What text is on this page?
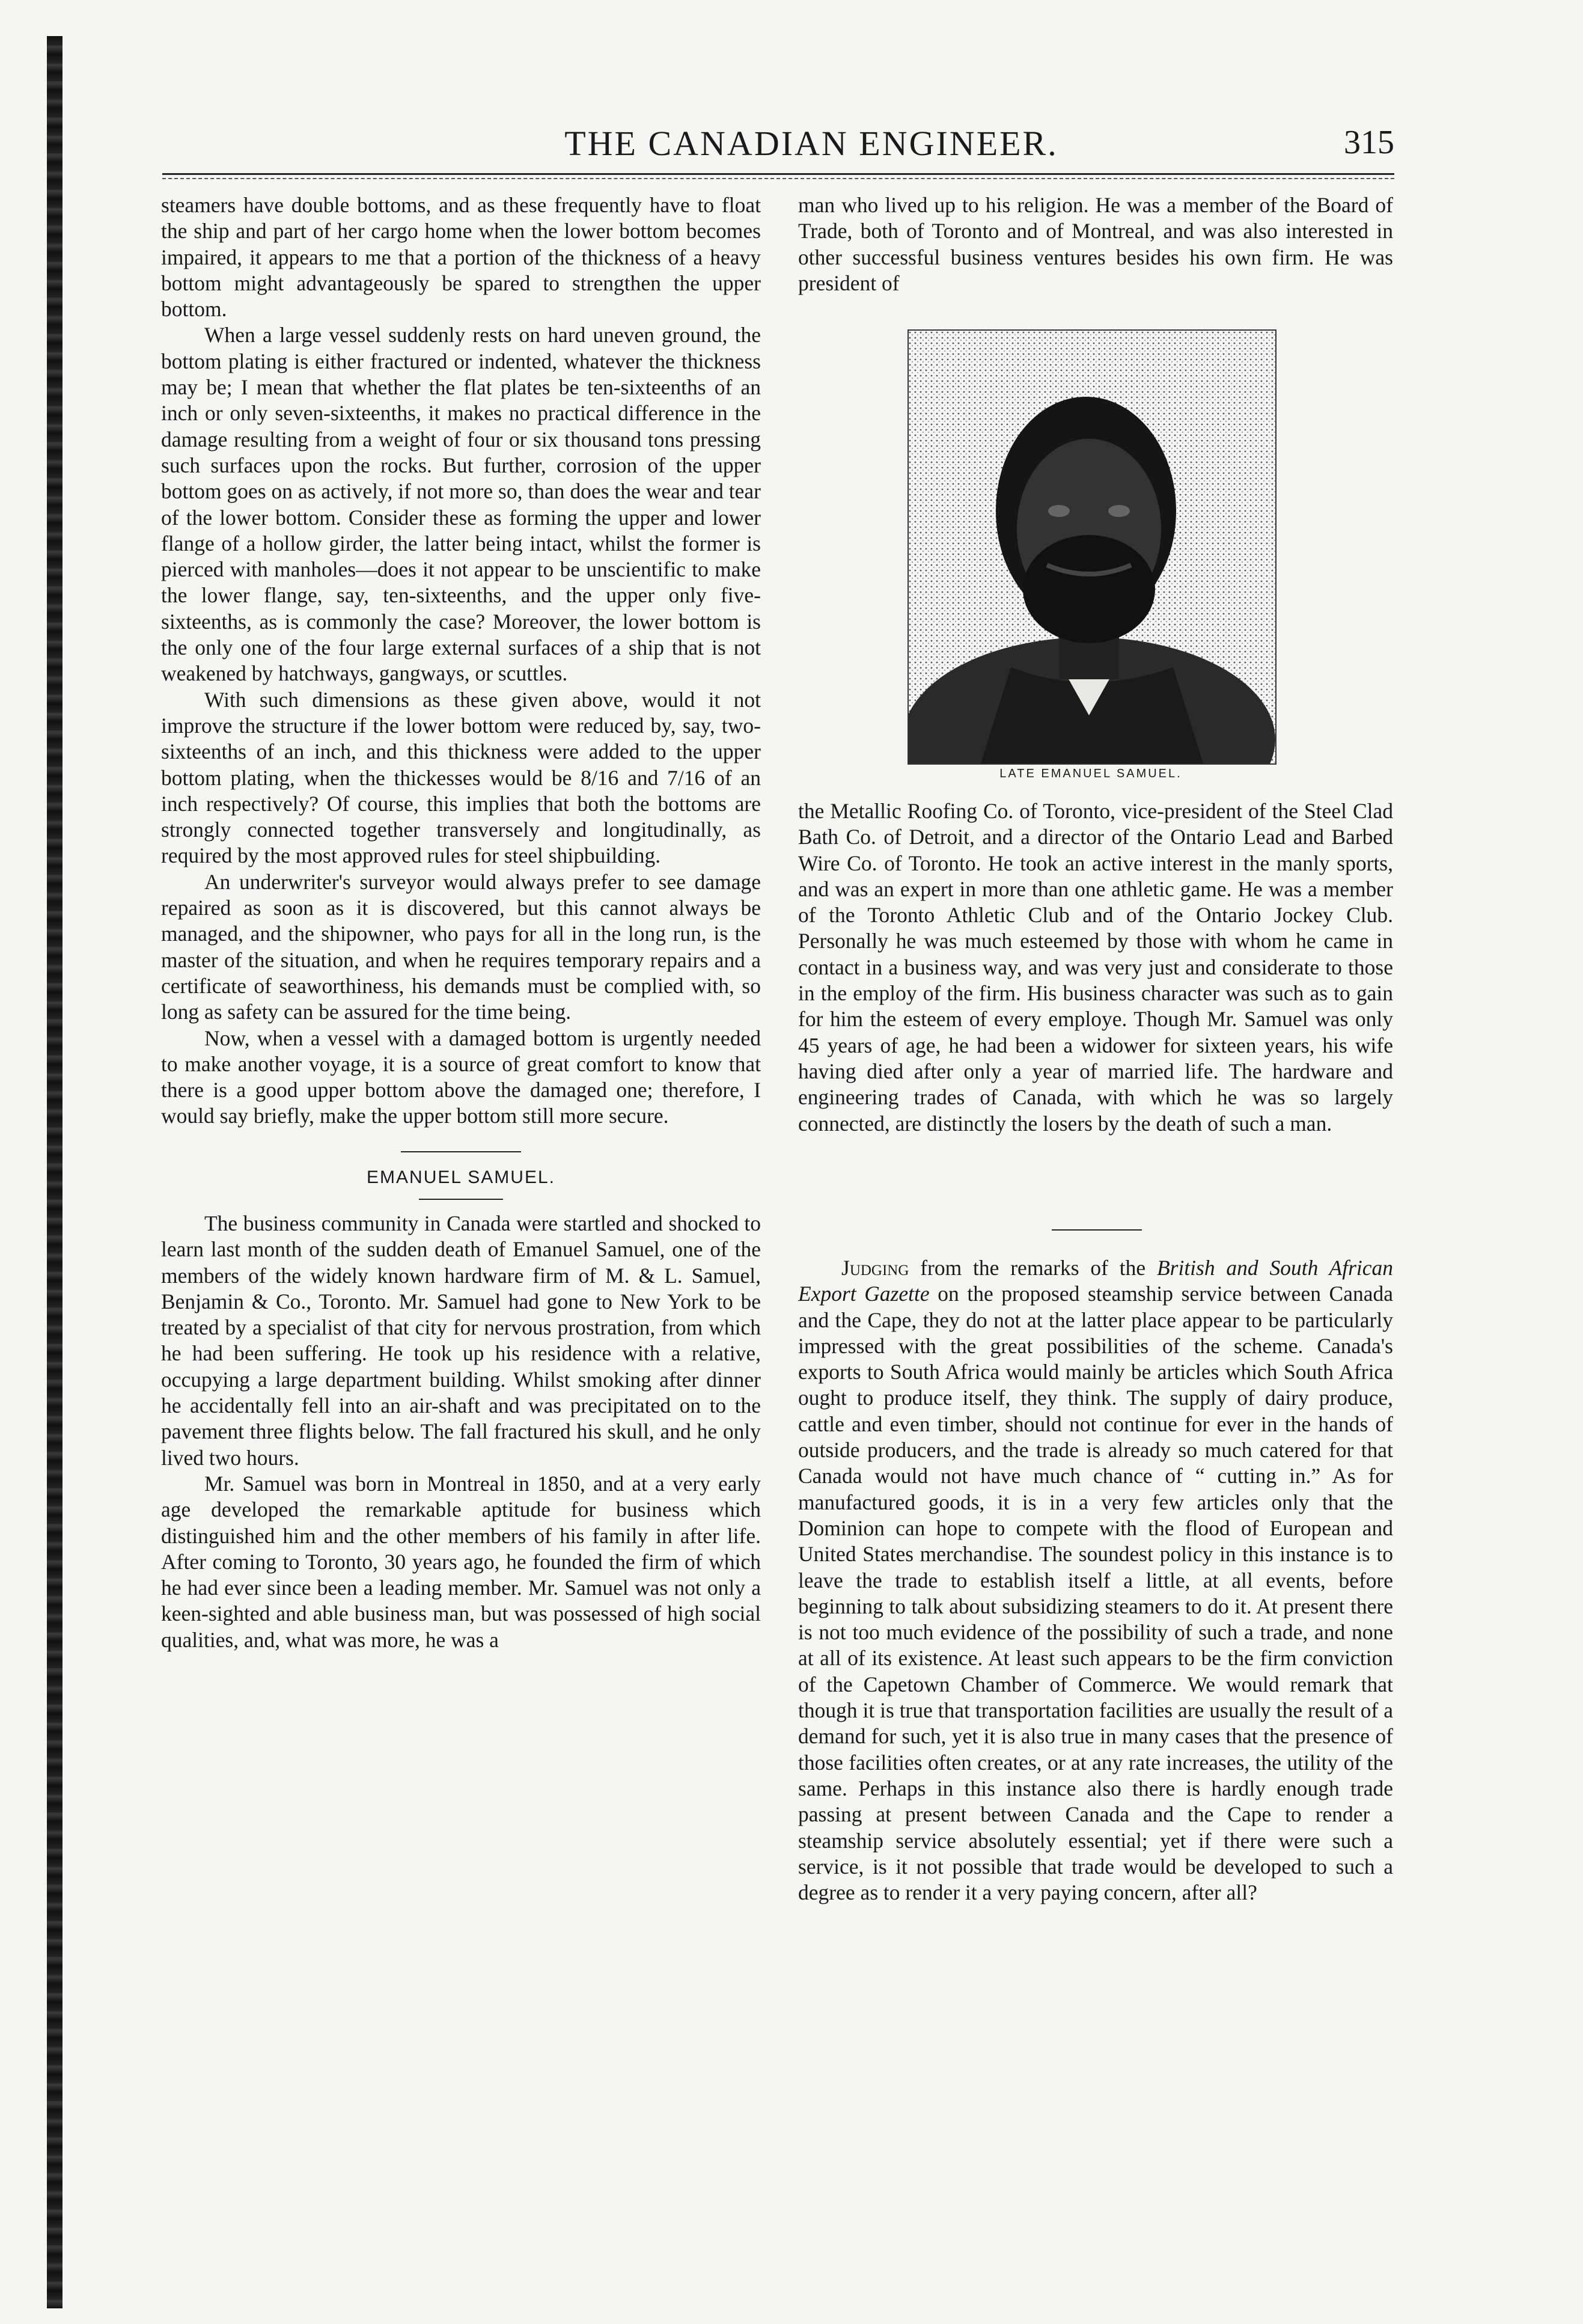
THE CANADIAN ENGINEER.	315

steamers have double bottoms, and as these frequently have to float the ship and part of her cargo home when the lower bottom becomes impaired, it appears to me that a portion of the thickness of a heavy bottom might advantageously be spared to strengthen the upper bottom.

When a large vessel suddenly rests on hard uneven ground, the bottom plating is either fractured or indented, whatever the thickness may be; I mean that whether the flat plates be ten-sixteenths of an inch or only seven-sixteenths, it makes no practical difference in the damage resulting from a weight of four or six thousand tons pressing such surfaces upon the rocks. But further, corrosion of the upper bottom goes on as actively, if not more so, than does the wear and tear of the lower bottom. Consider these as forming the upper and lower flange of a hollow girder, the latter being intact, whilst the former is pierced with manholes—does it not appear to be unscientific to make the lower flange, say, ten-sixteenths, and the upper only five-sixteenths, as is commonly the case? Moreover, the lower bottom is the only one of the four large external surfaces of a ship that is not weakened by hatchways, gangways, or scuttles.

With such dimensions as these given above, would it not improve the structure if the lower bottom were reduced by, say, two-sixteenths of an inch, and this thickness were added to the upper bottom plating, when the thickesses would be 8/16 and 7/16 of an inch respectively? Of course, this implies that both the bottoms are strongly connected together transversely and longitudinally, as required by the most approved rules for steel shipbuilding.

An underwriter's surveyor would always prefer to see damage repaired as soon as it is discovered, but this cannot always be managed, and the shipowner, who pays for all in the long run, is the master of the situation, and when he requires temporary repairs and a certificate of seaworthiness, his demands must be complied with, so long as safety can be assured for the time being.

Now, when a vessel with a damaged bottom is urgently needed to make another voyage, it is a source of great comfort to know that there is a good upper bottom above the damaged one; therefore, I would say briefly, make the upper bottom still more secure.

EMANUEL SAMUEL.

The business community in Canada were startled and shocked to learn last month of the sudden death of Emanuel Samuel, one of the members of the widely known hardware firm of M. & L. Samuel, Benjamin & Co., Toronto. Mr. Samuel had gone to New York to be treated by a specialist of that city for nervous prostration, from which he had been suffering. He took up his residence with a relative, occupying a large department building. Whilst smoking after dinner he accidentally fell into an air-shaft and was precipitated on to the pavement three flights below. The fall fractured his skull, and he only lived two hours.

Mr. Samuel was born in Montreal in 1850, and at a very early age developed the remarkable aptitude for business which distinguished him and the other members of his family in after life. After coming to Toronto, 30 years ago, he founded the firm of which he had ever since been a leading member. Mr. Samuel was not only a keen-sighted and able business man, but was possessed of high social qualities, and, what was more, he was a

man who lived up to his religion. He was a member of the Board of Trade, both of Toronto and of Montreal, and was also interested in other successful business ventures besides his own firm. He was president of

LATE EMANUEL SAMUEL.

the Metallic Roofing Co. of Toronto, vice-president of the Steel Clad Bath Co. of Detroit, and a director of the Ontario Lead and Barbed Wire Co. of Toronto. He took an active interest in the manly sports, and was an expert in more than one athletic game. He was a member of the Toronto Athletic Club and of the Ontario Jockey Club. Personally he was much esteemed by those with whom he came in contact in a business way, and was very just and considerate to those in the employ of the firm. His business character was such as to gain for him the esteem of every employe. Though Mr. Samuel was only 45 years of age, he had been a widower for sixteen years, his wife having died after only a year of married life. The hardware and engineering trades of Canada, with which he was so largely connected, are distinctly the losers by the death of such a man.

Judging from the remarks of the British and South African Export Gazette on the proposed steamship service between Canada and the Cape, they do not at the latter place appear to be particularly impressed with the great possibilities of the scheme. Canada's exports to South Africa would mainly be articles which South Africa ought to produce itself, they think. The supply of dairy produce, cattle and even timber, should not continue for ever in the hands of outside producers, and the trade is already so much catered for that Canada would not have much chance of “ cutting in.” As for manufactured goods, it is in a very few articles only that the Dominion can hope to compete with the flood of European and United States merchandise. The soundest policy in this instance is to leave the trade to establish itself a little, at all events, before beginning to talk about subsidizing steamers to do it. At present there is not too much evidence of the possibility of such a trade, and none at all of its existence. At least such appears to be the firm conviction of the Capetown Chamber of Commerce. We would remark that though it is true that transportation facilities are usually the result of a demand for such, yet it is also true in many cases that the presence of those facilities often creates, or at any rate increases, the utility of the same. Perhaps in this instance also there is hardly enough trade passing at present between Canada and the Cape to render a steamship service absolutely essential; yet if there were such a service, is it not possible that trade would be developed to such a degree as to render it a very paying concern, after all?
